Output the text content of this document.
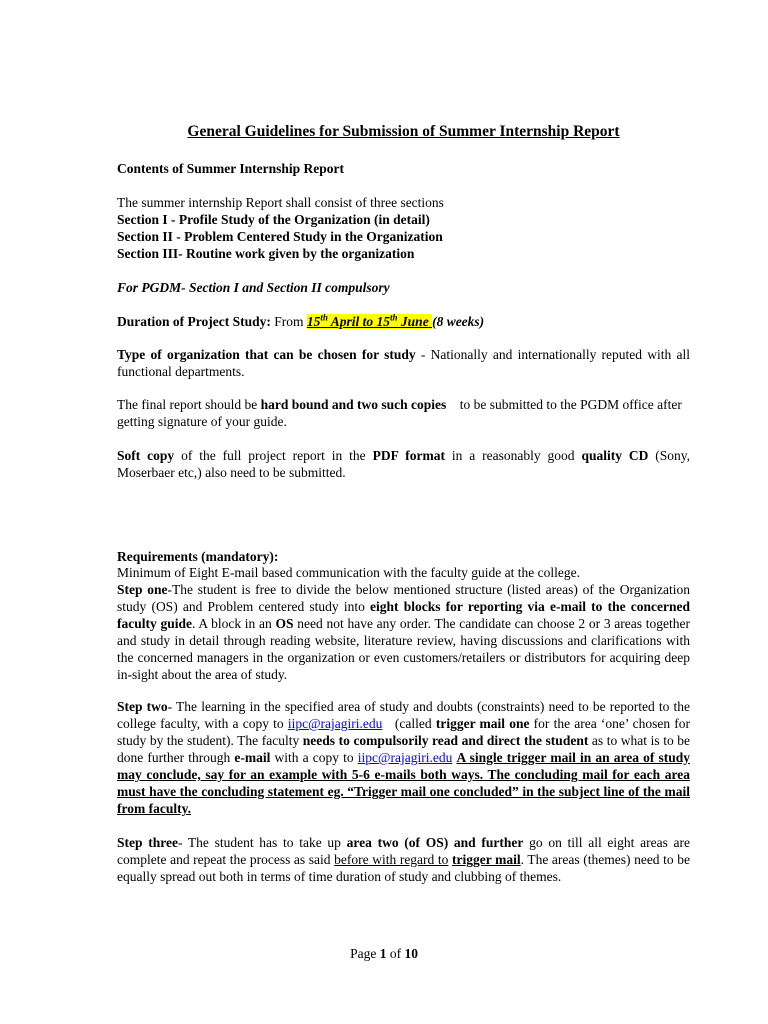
General Guidelines for Submission of Summer Internship Report

Contents of Summer Internship Report

The summer internship Report shall consist of three sections

Section I - Profile Study of the Organization (in detail)

Section II - Problem Centered Study in the Organization

Section III- Routine work given by the organization

For PGDM- Section I and Section II compulsory

Duration of Project Study: From 15th April to 15th June (8 weeks)

Type of organization that can be chosen for study - Nationally and internationally reputed with all functional departments.

The final report should be hard bound and two such copies to be submitted to the PGDM office after getting signature of your guide.

Soft copy of the full project report in the PDF format in a reasonably good quality CD (Sony, Moserbaer etc,) also need to be submitted.

Requirements (mandatory):

Minimum of Eight E-mail based communication with the faculty guide at the college.

Step one-The student is free to divide the below mentioned structure (listed areas) of the Organization study (OS) and Problem centered study into eight blocks for reporting via e-mail to the concerned faculty guide. A block in an OS need not have any order. The candidate can choose 2 or 3 areas together and study in detail through reading website, literature review, having discussions and clarifications with the concerned managers in the organization or even customers/retailers or distributors for acquiring deep in-sight about the area of study.

Step two- The learning in the specified area of study and doubts (constraints) need to be reported to the college faculty, with a copy to iipc@rajagiri.edu (called trigger mail one for the area ‘one’ chosen for study by the student). The faculty needs to compulsorily read and direct the student as to what is to be done further through e-mail with a copy to iipc@rajagiri.edu A single trigger mail in an area of study may conclude, say for an example with 5-6 e-mails both ways. The concluding mail for each area must have the concluding statement eg. “Trigger mail one concluded” in the subject line of the mail from faculty.

Step three- The student has to take up area two (of OS) and further go on till all eight areas are complete and repeat the process as said before with regard to trigger mail. The areas (themes) need to be equally spread out both in terms of time duration of study and clubbing of themes.

Page 1 of 10
